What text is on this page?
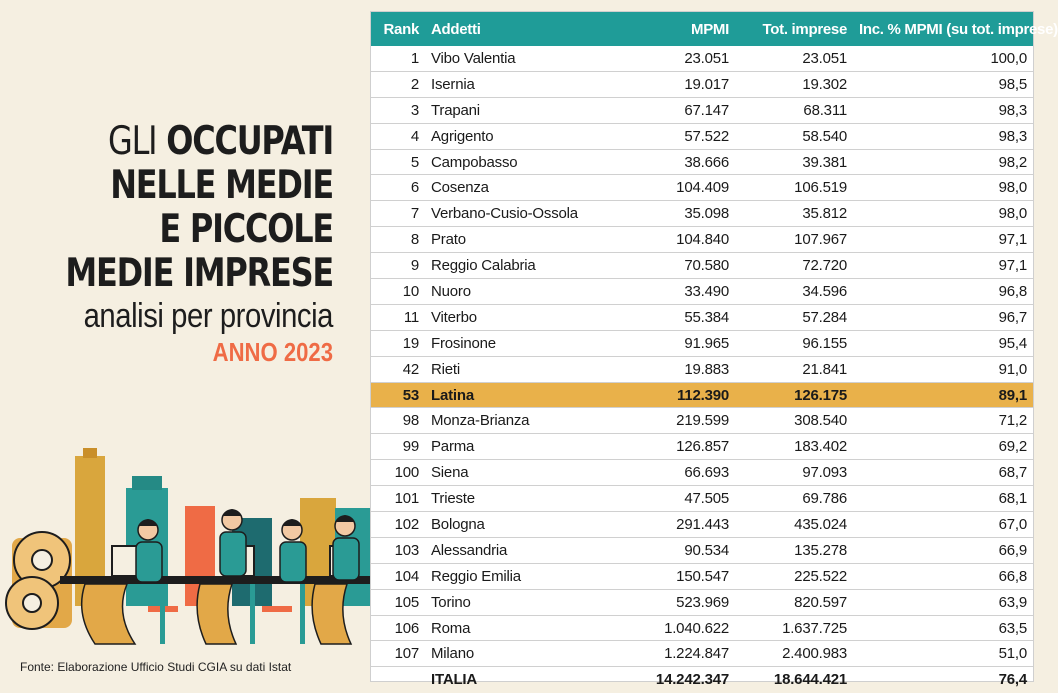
GLI OCCUPATI
NELLE MEDIE
E PICCOLE
MEDIE IMPRESE
analisi per provincia
ANNO 2023
Fonte: Elaborazione Ufficio Studi CGIA su dati Istat
Rank	Addetti	MPMI	Tot. imprese	Inc. % MPMI (su tot. imprese)
1	Vibo Valentia	23.051	23.051	100,0
2	Isernia	19.017	19.302	98,5
3	Trapani	67.147	68.311	98,3
4	Agrigento	57.522	58.540	98,3
5	Campobasso	38.666	39.381	98,2
6	Cosenza	104.409	106.519	98,0
7	Verbano-Cusio-Ossola	35.098	35.812	98,0
8	Prato	104.840	107.967	97,1
9	Reggio Calabria	70.580	72.720	97,1
10	Nuoro	33.490	34.596	96,8
11	Viterbo	55.384	57.284	96,7
19	Frosinone	91.965	96.155	95,4
42	Rieti	19.883	21.841	91,0
53	Latina	112.390	126.175	89,1
98	Monza-Brianza	219.599	308.540	71,2
99	Parma	126.857	183.402	69,2
100	Siena	66.693	97.093	68,7
101	Trieste	47.505	69.786	68,1
102	Bologna	291.443	435.024	67,0
103	Alessandria	90.534	135.278	66,9
104	Reggio Emilia	150.547	225.522	66,8
105	Torino	523.969	820.597	63,9
106	Roma	1.040.622	1.637.725	63,5
107	Milano	1.224.847	2.400.983	51,0
	ITALIA	14.242.347	18.644.421	76,4
